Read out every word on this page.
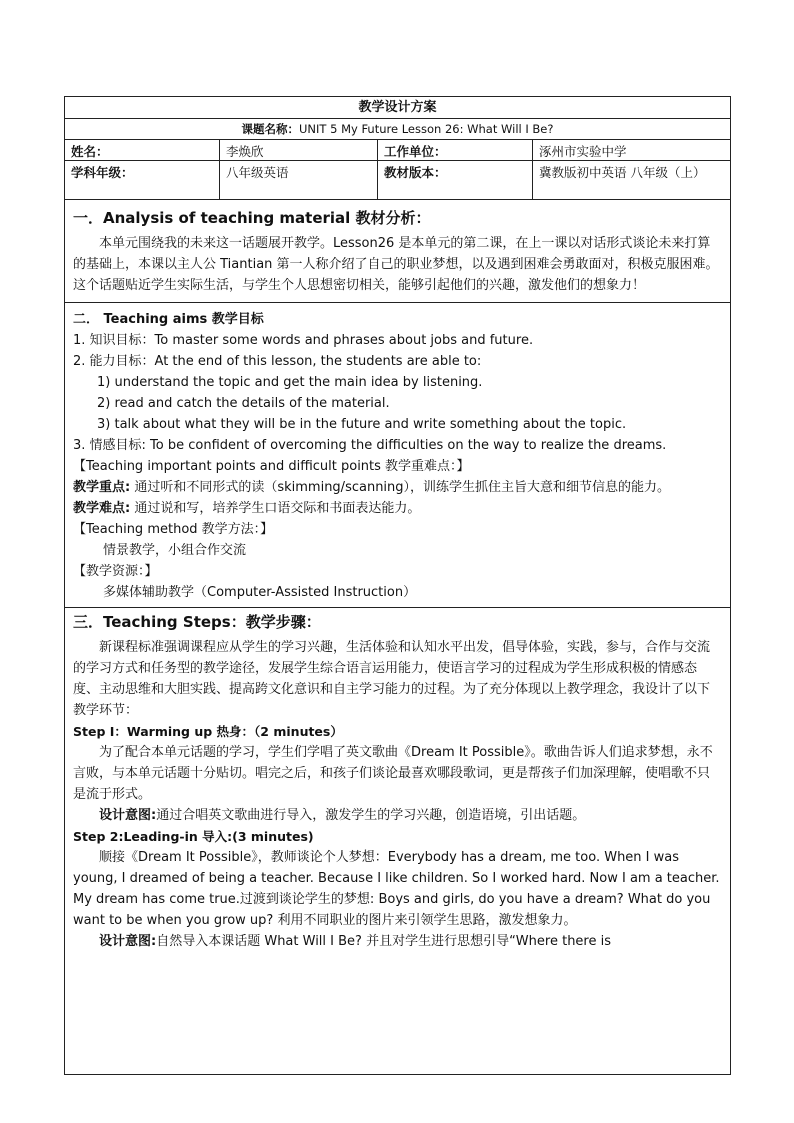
教学设计方案
课题名称：UNIT 5 My Future Lesson 26: What Will I Be?
姓名：	李焕欣	工作单位：	涿州市实验中学
学科年级：	八年级英语	教材版本：	冀教版初中英语 八年级（上）
一．Analysis of teaching material 教材分析：

本单元围绕我的未来这一话题展开教学。Lesson26 是本单元的第二课，在上一课以对话形式谈论未来打算的基础上，本课以主人公 Tiantian 第一人称介绍了自己的职业梦想，以及遇到困难会勇敢面对，积极克服困难。这个话题贴近学生实际生活，与学生个人思想密切相关，能够引起他们的兴趣，激发他们的想象力！

二． Teaching aims 教学目标

1. 知识目标：To master some words and phrases about jobs and future.

2. 能力目标：At the end of this lesson, the students are able to:

1) understand the topic and get the main idea by listening.

2) read and catch the details of the material.

3) talk about what they will be in the future and write something about the topic.

3. 情感目标: To be confident of overcoming the difficulties on the way to realize the dreams.

【Teaching important points and difficult points 教学重难点：】

教学重点: 通过听和不同形式的读（skimming/scanning），训练学生抓住主旨大意和细节信息的能力。

教学难点: 通过说和写，培养学生口语交际和书面表达能力。

【Teaching method 教学方法：】

情景教学，小组合作交流

【教学资源：】

多媒体辅助教学（Computer-Assisted Instruction）

三．Teaching Steps：教学步骤：

新课程标准强调课程应从学生的学习兴趣，生活体验和认知水平出发，倡导体验，实践，参与，合作与交流的学习方式和任务型的教学途径，发展学生综合语言运用能力，使语言学习的过程成为学生形成积极的情感态度、主动思维和大胆实践、提高跨文化意识和自主学习能力的过程。为了充分体现以上教学理念，我设计了以下教学环节：

Step I：Warming up 热身：（2 minutes）

为了配合本单元话题的学习，学生们学唱了英文歌曲《Dream It Possible》。歌曲告诉人们追求梦想，永不言败，与本单元话题十分贴切。唱完之后，和孩子们谈论最喜欢哪段歌词，更是帮孩子们加深理解，使唱歌不只是流于形式。

设计意图:通过合唱英文歌曲进行导入，激发学生的学习兴趣，创造语境，引出话题。

Step 2:Leading-in 导入:(3 minutes)

顺接《Dream It Possible》，教师谈论个人梦想：Everybody has a dream, me too. When I was young, I dreamed of being a teacher. Because I like children. So I worked hard. Now I am a teacher. My dream has come true.过渡到谈论学生的梦想: Boys and girls, do you have a dream? What do you want to be when you grow up? 利用不同职业的图片来引领学生思路，激发想象力。

设计意图:自然导入本课话题 What Will I Be? 并且对学生进行思想引导“Where there is
